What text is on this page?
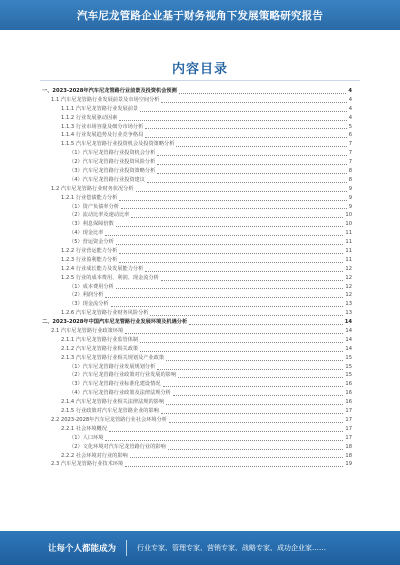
汽车尼龙管路企业基于财务视角下发展策略研究报告
内容目录
一、2023-2028年汽车尼龙管路行业前景及投资机会预测	4
1.1 汽车尼龙管路行业发展前景及市场空间分析	4
1.1.1 汽车尼龙管路行业发展前景	4
1.1.2 行业发展驱动因素	4
1.1.3 行业市场容量及细分市场分析	5
1.1.4 行业发展趋势及行业竞争格局	6
1.1.5 汽车尼龙管路行业投资机会及投资策略分析	7
（1）汽车尼龙管路行业投资机会分析	7
（2）汽车尼龙管路行业投资风险分析	7
（3）汽车尼龙管路行业投资策略分析	8
（4）汽车尼龙管路行业投资建议	8
1.2 汽车尼龙管路行业财务状况分析	9
1.2.1 行业偿债能力分析	9
（1）资产负债率分析	9
（2）流动比率及速动比率	10
（3）利息保障倍数	10
（4）现金比率	11
（5）营运资金分析	11
1.2.2 行业营运能力分析	11
1.2.3 行业盈利能力分析	11
1.2.4 行业成长能力及发展能力分析	12
1.2.5 行业的成本费用、利润、现金流分析	12
（1）成本费用分析	12
（2）利润分析	12
（3）现金流分析	13
1.2.6 汽车尼龙管路行业财务风险分析	13
二、2023-2028年中国汽车尼龙管路行业发展环境及机遇分析	14
2.1 汽车尼龙管路行业政策环境	14
2.1.1 汽车尼龙管路行业监管体制	14
2.1.2 汽车尼龙管路行业相关政策	14
2.1.3 汽车尼龙管路行业相关规划及产业政策	15
（1）汽车尼龙管路行业发展规划分析	15
（2）汽车尼龙管路行业政策对行业发展的影响	15
（3）汽车尼龙管路行业标准化建设情况	16
（4）汽车尼龙管路行业政策及法律法规分析	16
2.1.4 汽车尼龙管路行业相关法律法规的影响	16
2.1.5 行业政策对汽车尼龙管路企业的影响	17
2.2 2023-2028年汽车尼龙管路行业社会环境分析	17
2.2.1 社会环境概况	17
（1）人口环境	17
（2）文化环境对汽车尼龙管路行业的影响	18
2.2.2 社会环境对行业的影响	18
2.3 汽车尼龙管路行业技术环境	19
让每个人都能成为	行业专家、管理专家、营销专家、战略专家、成功企业家……
